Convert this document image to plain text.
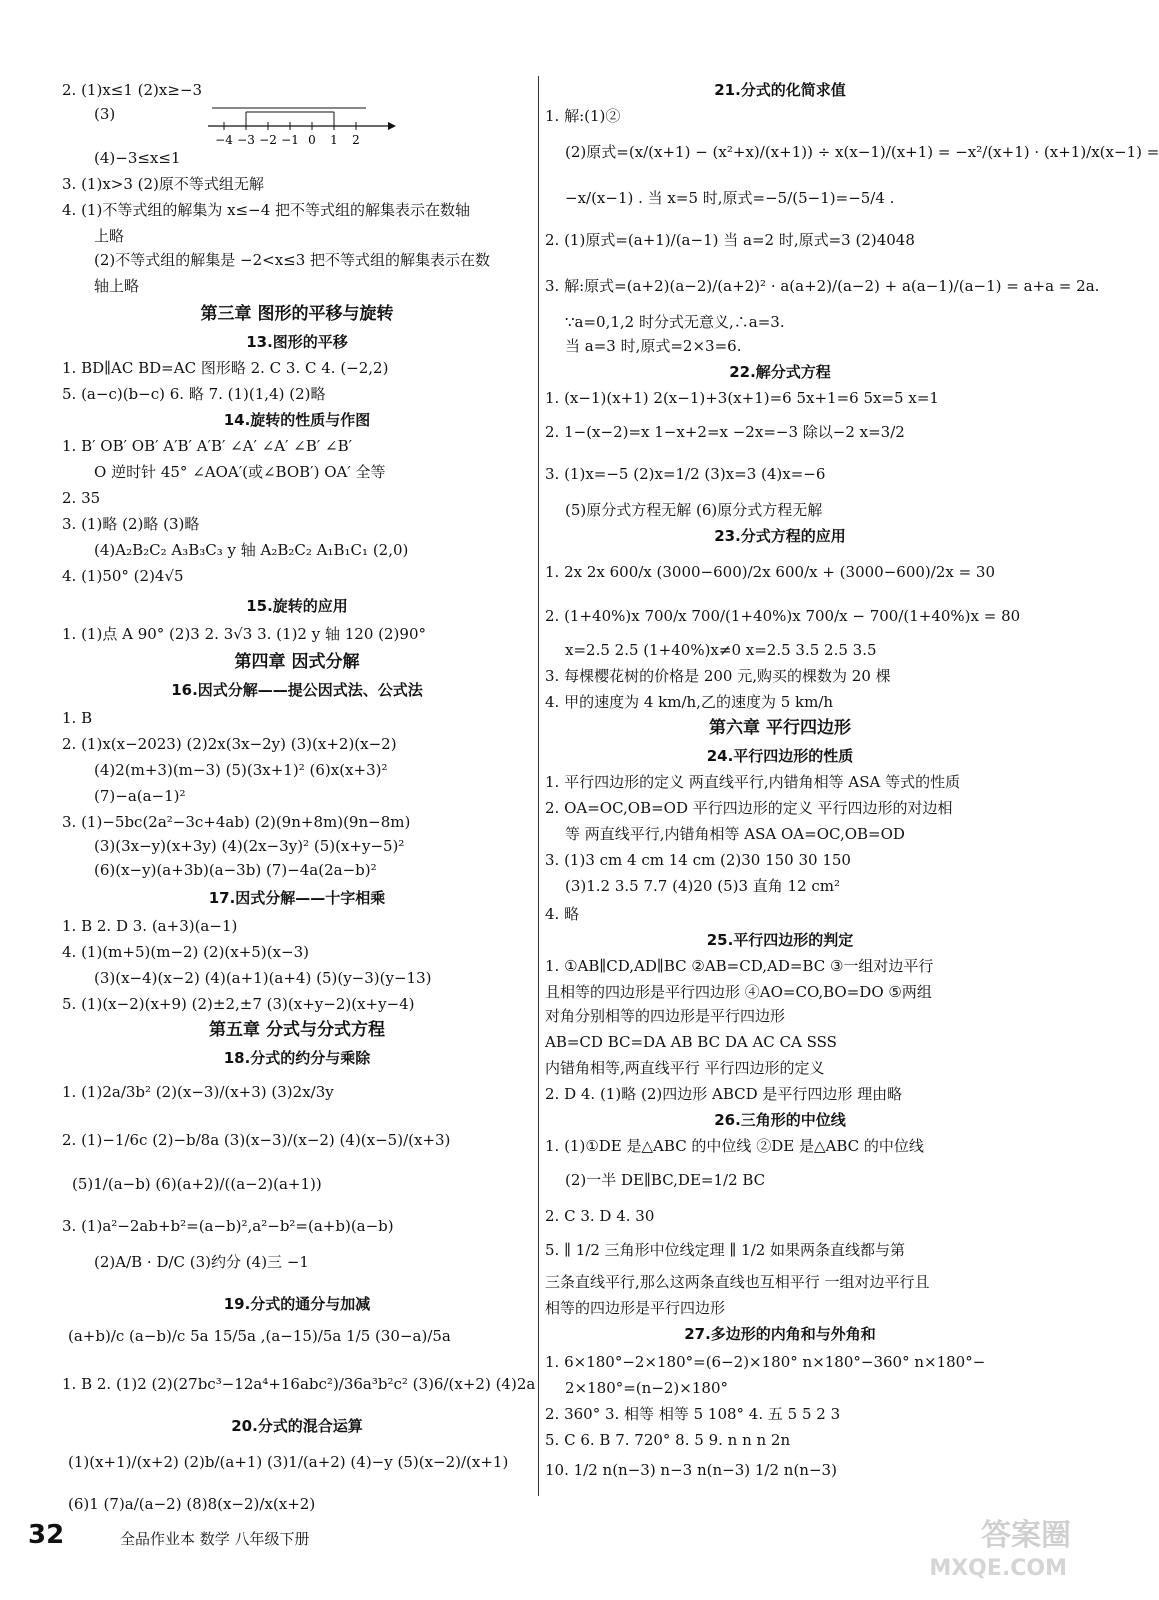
2. (1)x≤1 (2)x≥−3
(3)
(4)−3≤x≤1
3. (1)x>3 (2)原不等式组无解
4. (1)不等式组的解集为 x≤−4 把不等式组的解集表示在数轴
上略
(2)不等式组的解集是 −2<x≤3 把不等式组的解集表示在数
轴上略
第三章 图形的平移与旋转
13.图形的平移
1. BD∥AC BD=AC 图形略 2. C 3. C 4. (−2,2)
5. (a−c)(b−c) 6. 略 7. (1)(1,4) (2)略
14.旋转的性质与作图
1. B′ OB′ OB′ A′B′ A′B′ ∠A′ ∠A′ ∠B′ ∠B′
O 逆时针 45° ∠AOA′(或∠BOB′) OA′ 全等
2. 35
3. (1)略 (2)略 (3)略
(4)A₂B₂C₂ A₃B₃C₃ y 轴 A₂B₂C₂ A₁B₁C₁ (2,0)
4. (1)50° (2)4√5
15.旋转的应用
1. (1)点 A 90° (2)3 2. 3√3 3. (1)2 y 轴 120 (2)90°
第四章 因式分解
16.因式分解——提公因式法、公式法
1. B
2. (1)x(x−2023) (2)2x(3x−2y) (3)(x+2)(x−2)
(4)2(m+3)(m−3) (5)(3x+1)² (6)x(x+3)²
(7)−a(a−1)²
3. (1)−5bc(2a²−3c+4ab) (2)(9n+8m)(9n−8m)
(3)(3x−y)(x+3y) (4)(2x−3y)² (5)(x+y−5)²
(6)(x−y)(a+3b)(a−3b) (7)−4a(2a−b)²
17.因式分解——十字相乘
1. B 2. D 3. (a+3)(a−1)
4. (1)(m+5)(m−2) (2)(x+5)(x−3)
(3)(x−4)(x−2) (4)(a+1)(a+4) (5)(y−3)(y−13)
5. (1)(x−2)(x+9) (2)±2,±7 (3)(x+y−2)(x+y−4)
第五章 分式与分式方程
18.分式的约分与乘除
1. (1)2a/3b² (2)(x−3)/(x+3) (3)2x/3y
2. (1)−1/6c (2)−b/8a (3)(x−3)/(x−2) (4)(x−5)/(x+3)
(5)1/(a−b) (6)(a+2)/((a−2)(a+1))
3. (1)a²−2ab+b²=(a−b)²,a²−b²=(a+b)(a−b)
(2)A/B · D/C (3)约分 (4)三 −1
19.分式的通分与加减
(a+b)/c (a−b)/c 5a 15/5a ,(a−15)/5a 1/5 (30−a)/5a
1. B 2. (1)2 (2)(27bc³−12a⁴+16abc²)/36a³b²c² (3)6/(x+2) (4)2a
20.分式的混合运算
(1)(x+1)/(x+2) (2)b/(a+1) (3)1/(a+2) (4)−y (5)(x−2)/(x+1)
(6)1 (7)a/(a−2) (8)8(x−2)/x(x+2)
21.分式的化简求值
1. 解:(1)②
(2)原式=(x/(x+1) − (x²+x)/(x+1)) ÷ x(x−1)/(x+1) = −x²/(x+1) · (x+1)/x(x−1) =
−x/(x−1) . 当 x=5 时,原式=−5/(5−1)=−5/4 .
2. (1)原式=(a+1)/(a−1) 当 a=2 时,原式=3 (2)4048
3. 解:原式=(a+2)(a−2)/(a+2)² · a(a+2)/(a−2) + a(a−1)/(a−1) = a+a = 2a.
∵a=0,1,2 时分式无意义,∴a=3.
当 a=3 时,原式=2×3=6.
22.解分式方程
1. (x−1)(x+1) 2(x−1)+3(x+1)=6 5x+1=6 5x=5 x=1
2. 1−(x−2)=x 1−x+2=x −2x=−3 除以−2 x=3/2
3. (1)x=−5 (2)x=1/2 (3)x=3 (4)x=−6
(5)原分式方程无解 (6)原分式方程无解
23.分式方程的应用
1. 2x 2x 600/x (3000−600)/2x 600/x + (3000−600)/2x = 30
2. (1+40%)x 700/x 700/(1+40%)x 700/x − 700/(1+40%)x = 80
x=2.5 2.5 (1+40%)x≠0 x=2.5 3.5 2.5 3.5
3. 每棵樱花树的价格是 200 元,购买的棵数为 20 棵
4. 甲的速度为 4 km/h,乙的速度为 5 km/h
第六章 平行四边形
24.平行四边形的性质
1. 平行四边形的定义 两直线平行,内错角相等 ASA 等式的性质
2. OA=OC,OB=OD 平行四边形的定义 平行四边形的对边相
等 两直线平行,内错角相等 ASA OA=OC,OB=OD
3. (1)3 cm 4 cm 14 cm (2)30 150 30 150
(3)1.2 3.5 7.7 (4)20 (5)3 直角 12 cm²
4. 略
25.平行四边形的判定
1. ①AB∥CD,AD∥BC ②AB=CD,AD=BC ③一组对边平行
且相等的四边形是平行四边形 ④AO=CO,BO=DO ⑤两组
对角分别相等的四边形是平行四边形
AB=CD BC=DA AB BC DA AC CA SSS
内错角相等,两直线平行 平行四边形的定义
2. D 4. (1)略 (2)四边形 ABCD 是平行四边形 理由略
26.三角形的中位线
1. (1)①DE 是△ABC 的中位线 ②DE 是△ABC 的中位线
(2)一半 DE∥BC,DE=1/2 BC
2. C 3. D 4. 30
5. ∥ 1/2 三角形中位线定理 ∥ 1/2 如果两条直线都与第
三条直线平行,那么这两条直线也互相平行 一组对边平行且
相等的四边形是平行四边形
27.多边形的内角和与外角和
1. 6×180°−2×180°=(6−2)×180° n×180°−360° n×180°−
2×180°=(n−2)×180°
2. 360° 3. 相等 相等 5 108° 4. 五 5 5 2 3
5. C 6. B 7. 720° 8. 5 9. n n n 2n
10. 1/2 n(n−3) n−3 n(n−3) 1/2 n(n−3)
−4 −3 −2 −1 0 1 2
32	全品作业本 数学 八年级下册	答案圈
MXQE.COM
